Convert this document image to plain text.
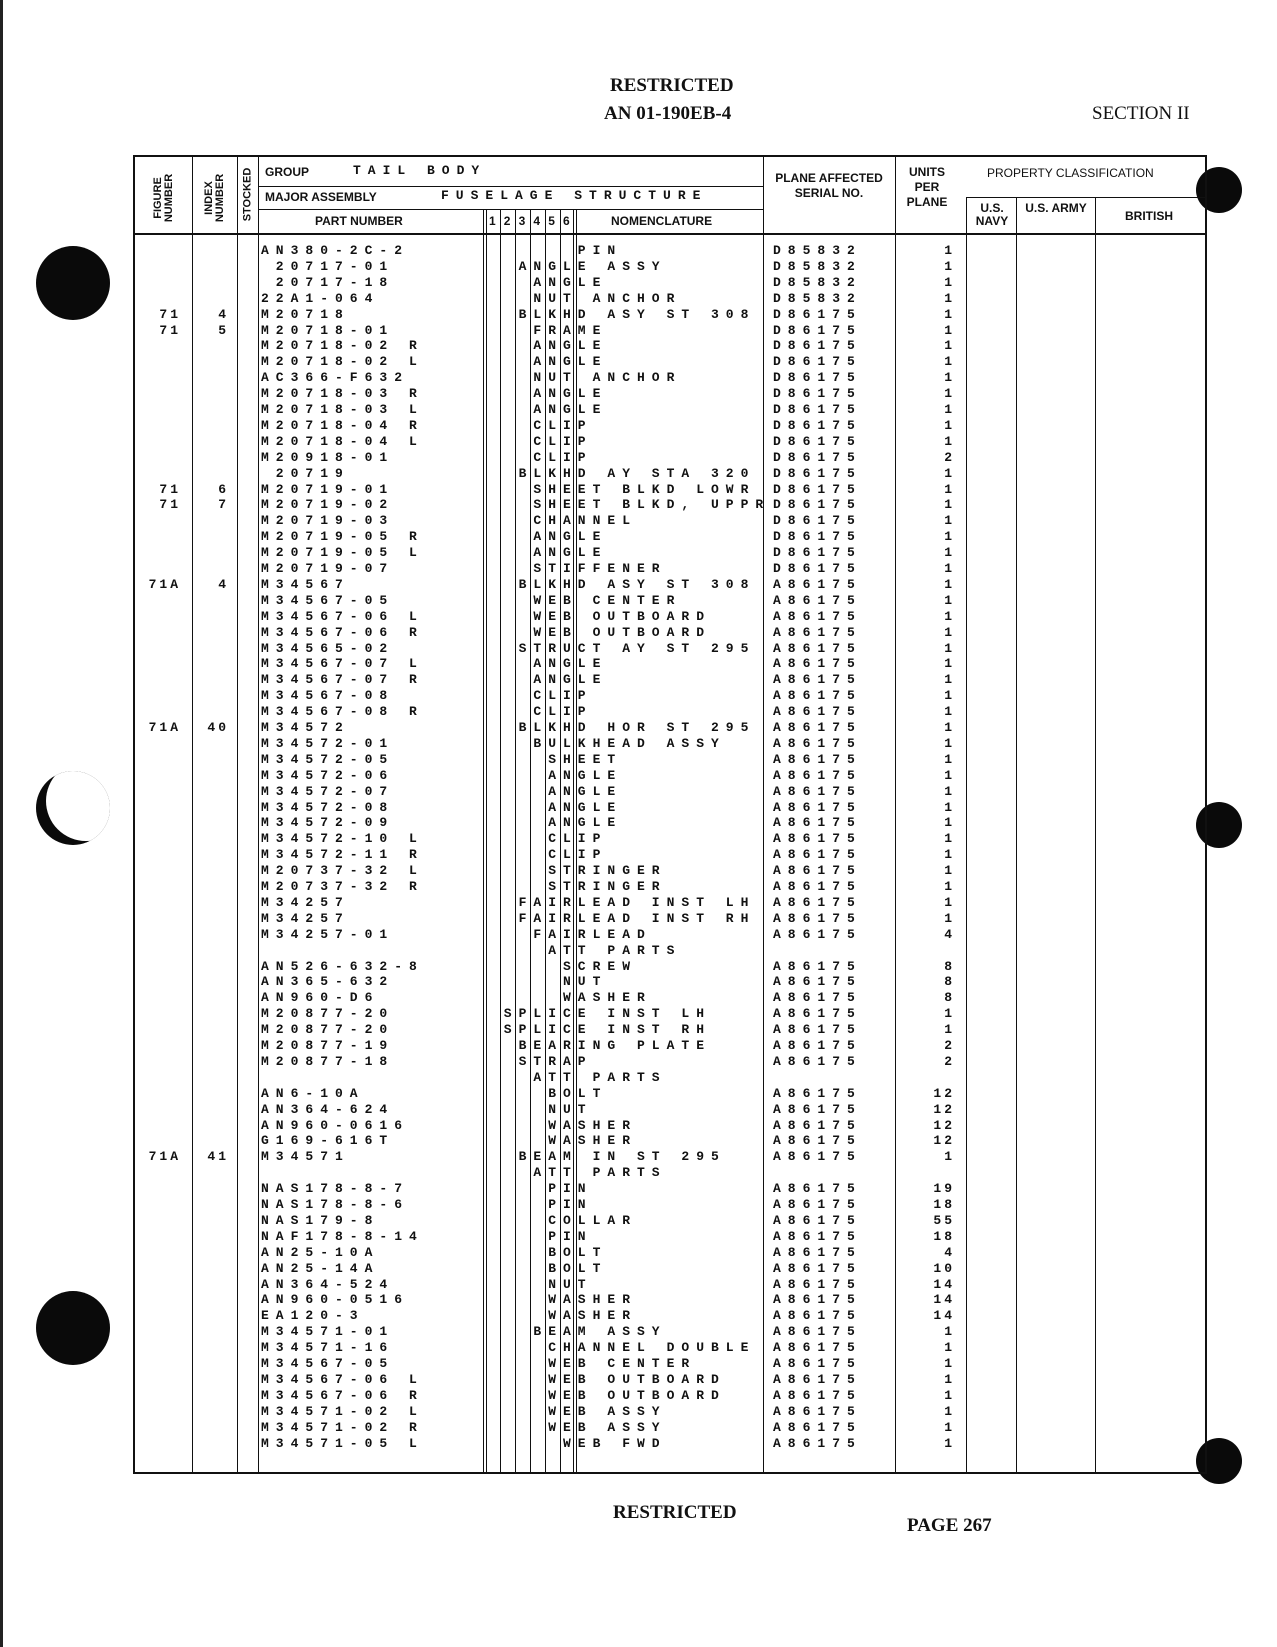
RESTRICTED
AN 01-190EB-4	SECTION II
FIGURE NUMBER	INDEX NUMBER STOCKED GROUP	TAIL BODY
MAJOR ASSEMBLY	FUSELAGE STRUCTURE
PART NUMBER	1 2 3 4 5 6	NOMENCLATURE
PLANE AFFECTED SERIAL NO.
UNITS PER PLANE
PROPERTY CLASSIFICATION
U.S. NAVY
U.S. ARMY
BRITISH
AN380-2C-2	PIN	D85832	1
20717-01	ANGLE ASSY	D85832	1
20717-18	ANGLE	D85832	1
22A1-064	NUT ANCHOR	D85832	1
71	4 M20718	BLKHD ASY ST 308 D86175	1
71	5 M20718-01	FRAME	D86175	1
M20718-02 R	ANGLE	D86175	1
M20718-02 L	ANGLE	D86175	1
AC366-F632	NUT ANCHOR	D86175	1
M20718-03 R	ANGLE	D86175	1
M20718-03 L	ANGLE	D86175	1
M20718-04 R	CLIP	D86175	1
M20718-04 L	CLIP	D86175	1
M20918-01	CLIP	D86175	2
20719	BLKHD AY STA 320 D86175	1
71	6 M20719-01	SHEET BLKD LOWR D86175	1
71	7 M20719-02	SHEET BLKD, UPPR D86175	1
M20719-03	CHANNEL	D86175	1
M20719-05 R	ANGLE	D86175	1
M20719-05 L	ANGLE	D86175	1
M20719-07	STIFFENER	D86175	1
71A	4 M34567	BLKHD ASY ST 308 A86175	1
M34567-05	WEB CENTER	A86175	1
M34567-06 L	WEB OUTBOARD	A86175	1
M34567-06 R	WEB OUTBOARD	A86175	1
M34565-02	STRUCT AY ST 295 A86175	1
M34567-07 L	ANGLE	A86175	1
M34567-07 R	ANGLE	A86175	1
M34567-08	CLIP	A86175	1
M34567-08 R	CLIP	A86175	1
71A	40 M34572	BLKHD HOR ST 295 A86175	1
M34572-01	BULKHEAD ASSY	A86175	1
M34572-05	SHEET	A86175	1
M34572-06	ANGLE	A86175	1
M34572-07	ANGLE	A86175	1
M34572-08	ANGLE	A86175	1
M34572-09	ANGLE	A86175	1
M34572-10 L	CLIP	A86175	1
M34572-11 R	CLIP	A86175	1
M20737-32 L	STRINGER	A86175	1
M20737-32 R	STRINGER	A86175	1
M34257	FAIRLEAD INST LH A86175	1
M34257	FAIRLEAD INST RH A86175	1
M34257-01	FAIRLEAD	A86175	4
ATT PARTS
AN526-632-8	SCREW	A86175	8
AN365-632	NUT	A86175	8
AN960-D6	WASHER	A86175	8
M20877-20	SPLICE INST LH	A86175	1
M20877-20	SPLICE INST RH	A86175	1
M20877-19	BEARING PLATE	A86175	2
M20877-18	STRAP	A86175	2
ATT PARTS
AN6-10A	BOLT	A86175	12
AN364-624	NUT	A86175	12
AN960-0616	WASHER	A86175	12
G169-616T	WASHER	A86175	12
71A	41 M34571	BEAM IN ST 295	A86175	1
ATT PARTS
NAS178-8-7	PIN	A86175	19
NAS178-8-6	PIN	A86175	18
NAS179-8	COLLAR	A86175	55
NAF178-8-14	PIN	A86175	18
AN25-10A	BOLT	A86175	4
AN25-14A	BOLT	A86175	10
AN364-524	NUT	A86175	14
AN960-0516	WASHER	A86175	14
EA120-3	WASHER	A86175	14
M34571-01	BEAM ASSY	A86175	1
M34571-16	CHANNEL DOUBLE A86175	1
M34567-05	WEB CENTER	A86175	1
M34567-06 L	WEB OUTBOARD	A86175	1
M34567-06 R	WEB OUTBOARD	A86175	1
M34571-02 L	WEB ASSY	A86175	1
M34571-02 R	WEB ASSY	A86175	1
M34571-05 L	WEB FWD	A86175	1
RESTRICTED
PAGE 267
